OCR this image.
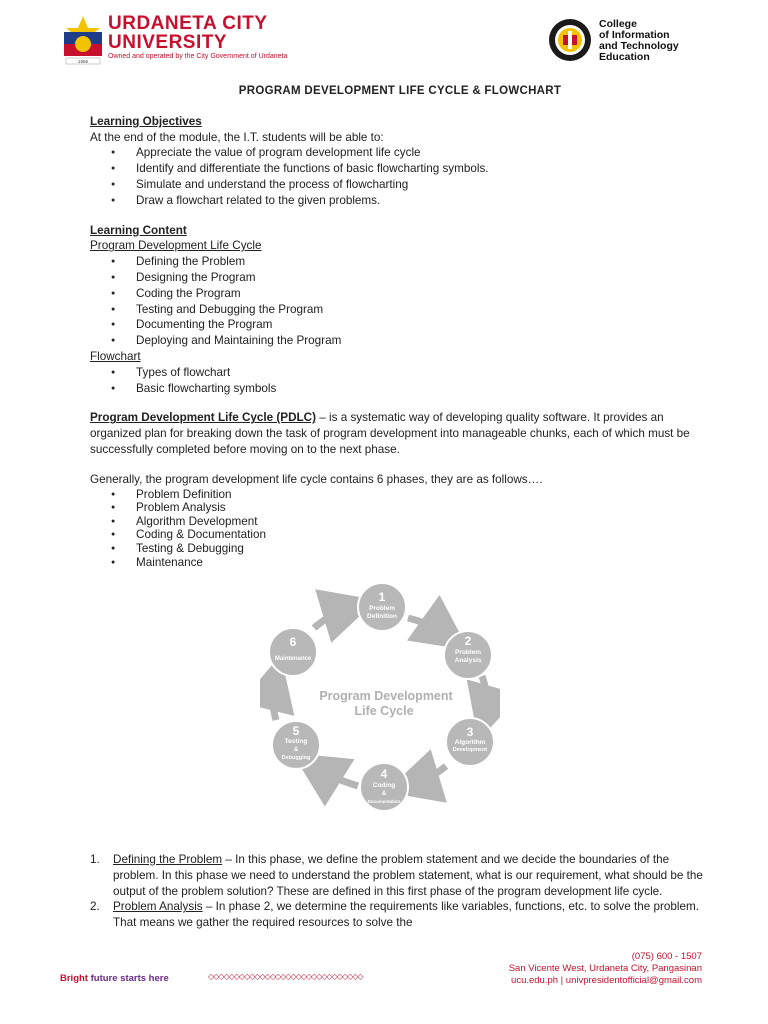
1966
URDANETA CITY
UNIVERSITY
Owned and operated by the City Government of Urdaneta
College
of Information
and Technology
Education
PROGRAM DEVELOPMENT LIFE CYCLE & FLOWCHART
Learning Objectives
At the end of the module, the I.T. students will be able to:
● Appreciate the value of program development life cycle
● Identify and differentiate the functions of basic flowcharting symbols.
● Simulate and understand the process of flowcharting
● Draw a flowchart related to the given problems.
Learning Content
Program Development Life Cycle
● Defining the Problem
● Designing the Program
● Coding the Program
● Testing and Debugging the Program
● Documenting the Program
● Deploying and Maintaining the Program
Flowchart
● Types of flowchart
● Basic flowcharting symbols
Program Development Life Cycle (PDLC) – is a systematic way of developing quality software. It provides an organized plan for breaking down the task of program development into manageable chunks, each of which must be successfully completed before moving on to the next phase.
Generally, the program development life cycle contains 6 phases, they are as follows….
● Problem Definition
● Problem Analysis
● Algorithm Development
● Coding & Documentation
● Testing & Debugging
● Maintenance
Program Development
Life Cycle
1
Problem
Definition
2
Problem
Analysis
3
Algorithm
Development
4
Coding
&
Documentation
5
Testing
&
Debugging
6
Maintenance
1. Defining the Problem – In this phase, we define the problem statement and we decide the boundaries of the problem. In this phase we need to understand the problem statement, what is our requirement, what should be the output of the problem solution? These are defined in this first phase of the program development life cycle.
2. Problem Analysis – In phase 2, we determine the requirements like variables, functions, etc. to solve the problem. That means we gather the required resources to solve the
Bright future starts here	◇◇◇◇◇◇◇◇◇◇◇◇◇◇◇◇◇◇◇◇◇◇◇◇◇◇◇◇◇◇
(075) 600 - 1507
San Vicente West, Urdaneta City, Pangasinan
ucu.edu.ph | univpresidentofficial@gmail.com
